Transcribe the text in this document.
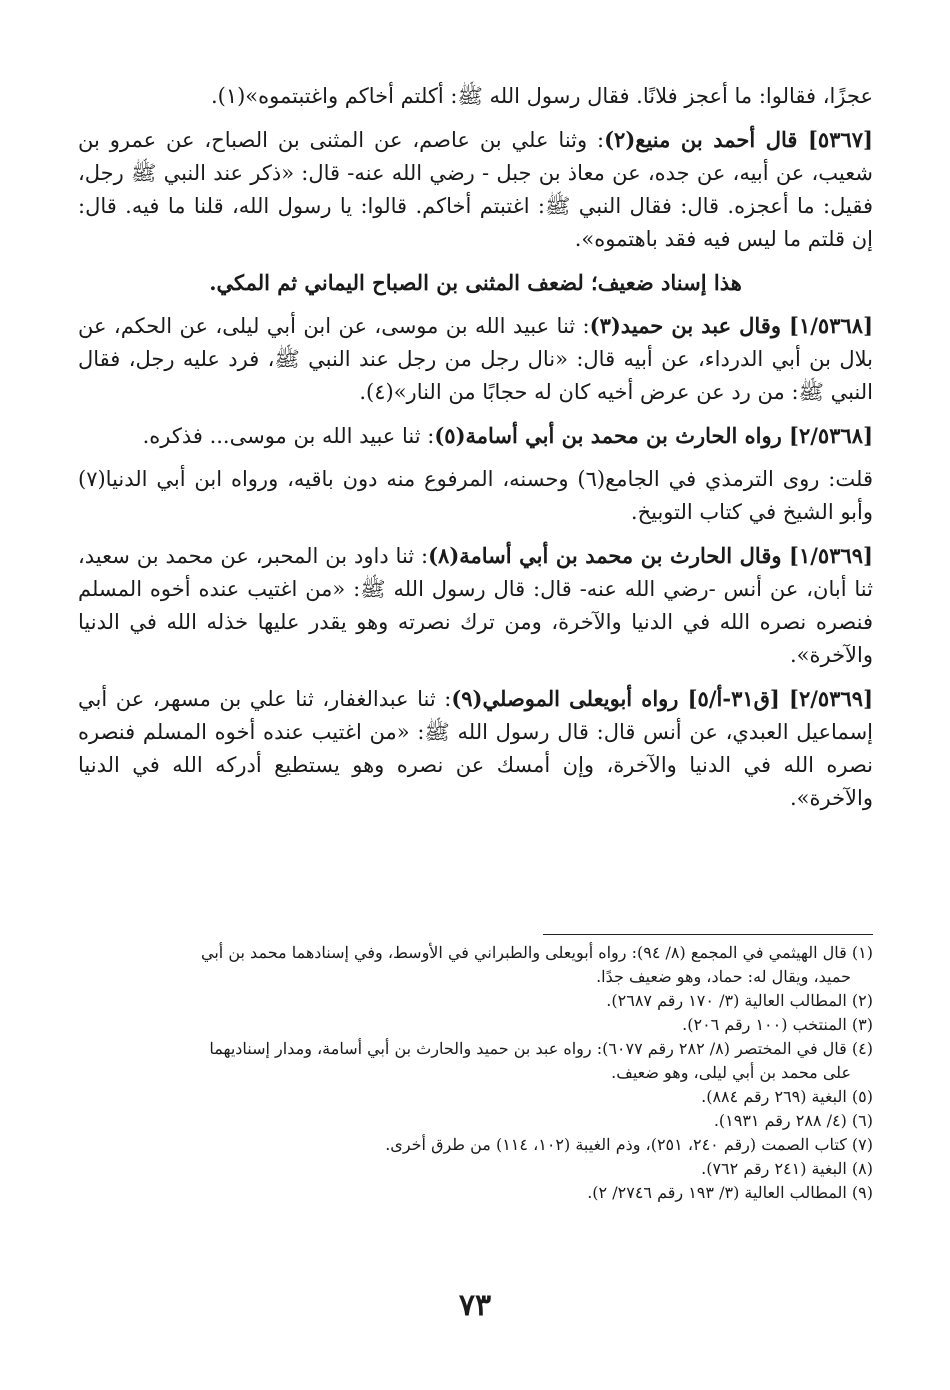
عجزًا، فقالوا: ما أعجز فلانًا. فقال رسول الله ﷺ: أكلتم أخاكم واغتبتموه»(١).

[٥٣٦٧] قال أحمد بن منيع(٢): وثنا علي بن عاصم، عن المثنى بن الصباح، عن عمرو بن شعيب، عن أبيه، عن جده، عن معاذ بن جبل - رضي الله عنه- قال: «ذكر عند النبي ﷺ رجل، فقيل: ما أعجزه. قال: فقال النبي ﷺ: اغتبتم أخاكم. قالوا: يا رسول الله، قلنا ما فيه. قال: إن قلتم ما ليس فيه فقد باهتموه».

هذا إسناد ضعيف؛ لضعف المثنى بن الصباح اليماني ثم المكي.

[١/٥٣٦٨] وقال عبد بن حميد(٣): ثنا عبيد الله بن موسى، عن ابن أبي ليلى، عن الحكم، عن بلال بن أبي الدرداء، عن أبيه قال: «نال رجل من رجل عند النبي ﷺ، فرد عليه رجل، فقال النبي ﷺ: من رد عن عرض أخيه كان له حجابًا من النار»(٤).

[٢/٥٣٦٨] رواه الحارث بن محمد بن أبي أسامة(٥): ثنا عبيد الله بن موسى... فذكره.

قلت: روى الترمذي في الجامع(٦) وحسنه، المرفوع منه دون باقيه، ورواه ابن أبي الدنيا(٧) وأبو الشيخ في كتاب التوبيخ.

[١/٥٣٦٩] وقال الحارث بن محمد بن أبي أسامة(٨): ثنا داود بن المحبر، عن محمد بن سعيد، ثنا أبان، عن أنس -رضي الله عنه- قال: قال رسول الله ﷺ: «من اغتيب عنده أخوه المسلم فنصره نصره الله في الدنيا والآخرة، ومن ترك نصرته وهو يقدر عليها خذله الله في الدنيا والآخرة».

[٢/٥٣٦٩] [ق٣١-أ/٥] رواه أبويعلى الموصلي(٩): ثنا عبدالغفار، ثنا علي بن مسهر، عن أبي إسماعيل العبدي، عن أنس قال: قال رسول الله ﷺ: «من اغتيب عنده أخوه المسلم فنصره نصره الله في الدنيا والآخرة، وإن أمسك عن نصره وهو يستطيع أدركه الله في الدنيا والآخرة».

(١) قال الهيثمي في المجمع (٨/ ٩٤): رواه أبويعلى والطبراني في الأوسط، وفي إسنادهما محمد بن أبي

حميد، ويقال له: حماد، وهو ضعيف جدًا.

(٢) المطالب العالية (٣/ ١٧٠ رقم ٢٦٨٧).

(٣) المنتخب (١٠٠ رقم ٢٠٦).

(٤) قال في المختصر (٨/ ٢٨٢ رقم ٦٠٧٧): رواه عبد بن حميد والحارث بن أبي أسامة، ومدار إسناديهما

على محمد بن أبي ليلى، وهو ضعيف.

(٥) البغية (٢٦٩ رقم ٨٨٤).

(٦) (٤/ ٢٨٨ رقم ١٩٣١).

(٧) كتاب الصمت (رقم ٢٤٠، ٢٥١)، وذم الغيبة (١٠٢، ١١٤) من طرق أخرى.

(٨) البغية (٢٤١ رقم ٧٦٢).

(٩) المطالب العالية (٣/ ١٩٣ رقم ٢٧٤٦/ ٢).

٧٣
